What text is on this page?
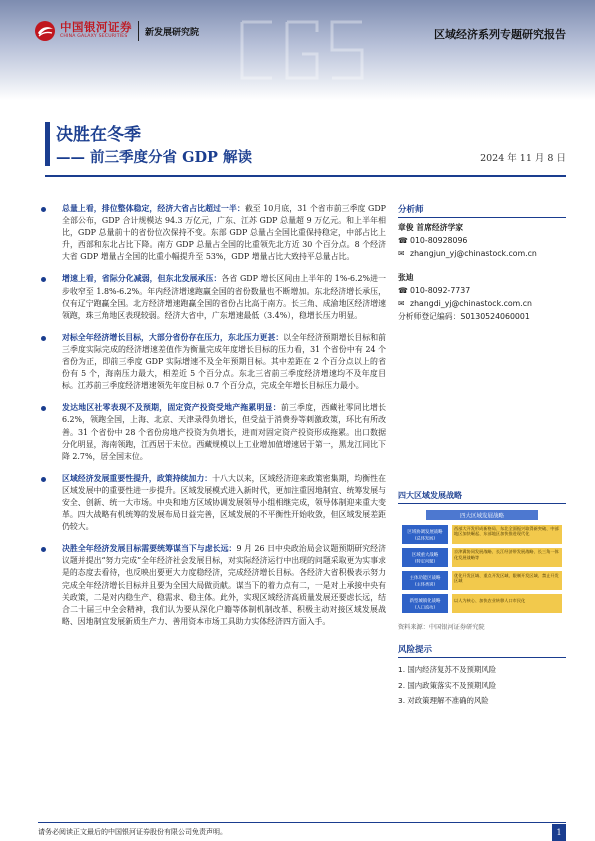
中国银河证券
CHINA GALAXY SECURITIES	新发展研究院	区域经济系列专题研究报告
决胜在冬季
—— 前三季度分省 GDP 解读	2024 年 11 月 8 日
总量上看，排位整体稳定，经济大省占比超过一半：截至 10月底，31 个省市前三季度 GDP 全部公布，GDP 合计规模达 94.3 万亿元，广东、江苏 GDP 总量超 9 万亿元。和上半年相比，GDP 总量前十的省份位次保持不变。东部 GDP 总量占全国比重保持稳定，中部占比上升，西部和东北占比下降。南方 GDP 总量占全国的比重领先北方近 30 个百分点。8 个经济大省 GDP 增量占全国的比重小幅提升至 53%，GDP 增量占比大致持平总量占比。
增速上看，省际分化减弱，但东北发展承压：各省 GDP 增长区间由上半年的 1%-6.2%进一步收窄至 1.8%-6.2%。年内经济增速跑赢全国的省份数量也不断增加。东北经济增长承压，仅有辽宁跑赢全国。北方经济增速跑赢全国的省份占比高于南方。长三角、成渝地区经济增速领跑，珠三角地区表现较弱。经济大省中，广东增速最低（3.4%），稳增长压力明显。
对标全年经济增长目标，大部分省份存在压力，东北压力更甚：以全年经济预期增长目标和前三季度实际完成的经济增速差值作为衡量完成年度增长目标的压力看，31 个省份中有 24 个省份为正，即前三季度 GDP 实际增速不及全年预期目标。其中差距在 2 个百分点以上的省份有 5 个，海南压力最大，相差近 5 个百分点。东北三省前三季度经济增速均不及年度目标。江苏前三季度经济增速领先年度目标 0.7 个百分点，完成全年增长目标压力最小。
发达地区社零表现不及预期，固定资产投资受地产拖累明显：前三季度，西藏社零同比增长 6.2%，领跑全国，上海、北京、天津录得负增长，但受益于消费券等刺激政策，环比有所改善。31 个省份中 28 个省份房地产投资为负增长，进而对固定资产投资形成拖累。出口数据分化明显，海南领跑，江西居于末位。西藏规模以上工业增加值增速居于第一，黑龙江同比下降 2.7%，居全国末位。
区域经济发展重要性提升，政策持续加力：十八大以来，区域经济迎来政策密集期，均衡性在区域发展中的重要性进一步提升。区域发展模式进入新时代，更加注重因地制宜、统筹发展与安全、创新、统一大市场。中央和地方区域协调发展领导小组相继完成，领导体制迎来重大变革。四大战略有机统筹的发展布局日益完善，区域发展的不平衡性开始收敛，但区域发展差距仍较大。
决胜全年经济发展目标需要统筹谋当下与虑长远：9 月 26 日中央政治局会议题预期研究经济议题并提出“努力完成”全年经济社会发展目标，对实际经济运行中出现的问题采取更为实事求是的态度去看待，也反映出要更大力度稳经济，完成经济增长目标。各经济大省积极表示努力完成全年经济增长目标并且要为全国大局做贡献。谋当下的着力点有二，一是对上承接中央有关政策，二是对内稳生产、稳需求、稳主体。此外，实现区域经济高质量发展还要虑长远，结合二十届三中全会精神，我们认为要从深化户籍等体制机制改革、积极主动对接区域发展战略、因地制宜发展新质生产力、善用资本市场工具助力实体经济四方面入手。
分析师
章俊 首席经济学家
☎ 010-80928096
✉ zhangjun_yj@chinastock.com.cn
张迪
☎ 010-8092-7737
✉ zhangdi_yj@chinastock.com.cn
分析师登记编码：S0130524060001
四大区域发展战略
四大区域发展战略
区域协调发展战略
(总体发展)
西部大开发形成新格局、东北全面振兴取得新突破、中部地区加快崛起、东部地区加快推进现代化
区域重大战略
(特定问题)
京津冀协同发展战略、长江经济带发展战略、长三角一体化发展战略等
主体功能区战略
(主体类别)
优化开发区域、重点开发区域、限制开发区域、禁止开发区域
新型城镇化战略
(人口流动)
以人为核心、加快农业转移人口市民化
资料来源：中国银河证券研究院
风险提示
1. 国内经济复苏不及预期风险
2. 国内政策落实不及预期风险
3. 对政策理解不准确的风险
请务必阅读正文最后的中国银河证券股份有限公司免责声明。	1
